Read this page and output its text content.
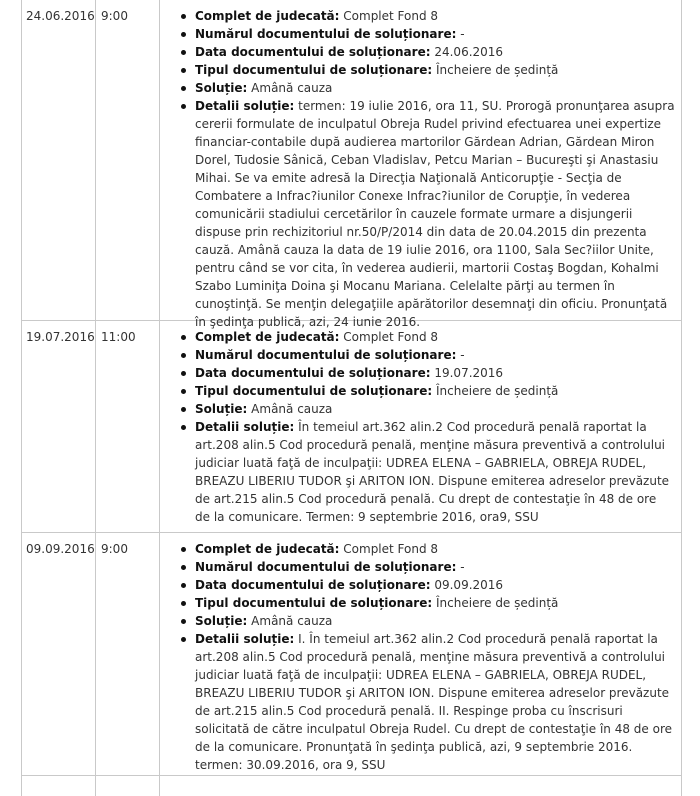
24.06.2016 9:00	Complet de judecată: Complet Fond 8
Numărul documentului de soluționare: -
Data documentului de soluționare: 24.06.2016
Tipul documentului de soluționare: Încheiere de ședință
Soluție: Amână cauza
Detalii soluție: termen: 19 iulie 2016, ora 11, SU. Prorogă pronunţarea asupra cererii formulate de inculpatul Obreja Rudel privind efectuarea unei expertize financiar-contabile după audierea martorilor Gărdean Adrian, Gărdean Miron Dorel, Tudosie Sânică, Ceban Vladislav, Petcu Marian – Bucureşti şi Anastasiu Mihai. Se va emite adresă la Direcţia Naţională Anticorupţie - Secţia de Combatere a Infrac?iunilor Conexe Infrac?iunilor de Corupţie, în vederea comunicării stadiului cercetărilor în cauzele formate urmare a disjungerii dispuse prin rechizitoriul nr.50/P/2014 din data de 20.04.2015 din prezenta cauză. Amână cauza la data de 19 iulie 2016, ora 1100, Sala Sec?iilor Unite, pentru când se vor cita, în vederea audierii, martorii Costaş Bogdan, Kohalmi Szabo Luminiţa Doina şi Mocanu Mariana. Celelalte părţi au termen în cunoştinţă. Se menţin delegaţiile apărătorilor desemnaţi din oficiu. Pronunţată în şedinţa publică, azi, 24 iunie 2016.
19.07.2016 11:00	Complet de judecată: Complet Fond 8
Numărul documentului de soluționare: -
Data documentului de soluționare: 19.07.2016
Tipul documentului de soluționare: Încheiere de ședință
Soluție: Amână cauza
Detalii soluție: În temeiul art.362 alin.2 Cod procedură penală raportat la art.208 alin.5 Cod procedură penală, menţine măsura preventivă a controlului judiciar luată faţă de inculpaţii: UDREA ELENA – GABRIELA, OBREJA RUDEL, BREAZU LIBERIU TUDOR şi ARITON ION. Dispune emiterea adreselor prevăzute de art.215 alin.5 Cod procedură penală. Cu drept de contestaţie în 48 de ore de la comunicare. Termen: 9 septembrie 2016, ora9, SSU
09.09.2016 9:00	Complet de judecată: Complet Fond 8
Numărul documentului de soluționare: -
Data documentului de soluționare: 09.09.2016
Tipul documentului de soluționare: Încheiere de ședință
Soluție: Amână cauza
Detalii soluție: I. În temeiul art.362 alin.2 Cod procedură penală raportat la art.208 alin.5 Cod procedură penală, menţine măsura preventivă a controlului judiciar luată faţă de inculpaţii: UDREA ELENA – GABRIELA, OBREJA RUDEL, BREAZU LIBERIU TUDOR şi ARITON ION. Dispune emiterea adreselor prevăzute de art.215 alin.5 Cod procedură penală. II. Respinge proba cu înscrisuri solicitată de către inculpatul Obreja Rudel. Cu drept de contestaţie în 48 de ore de la comunicare. Pronunţată în şedinţa publică, azi, 9 septembrie 2016. termen: 30.09.2016, ora 9, SSU
